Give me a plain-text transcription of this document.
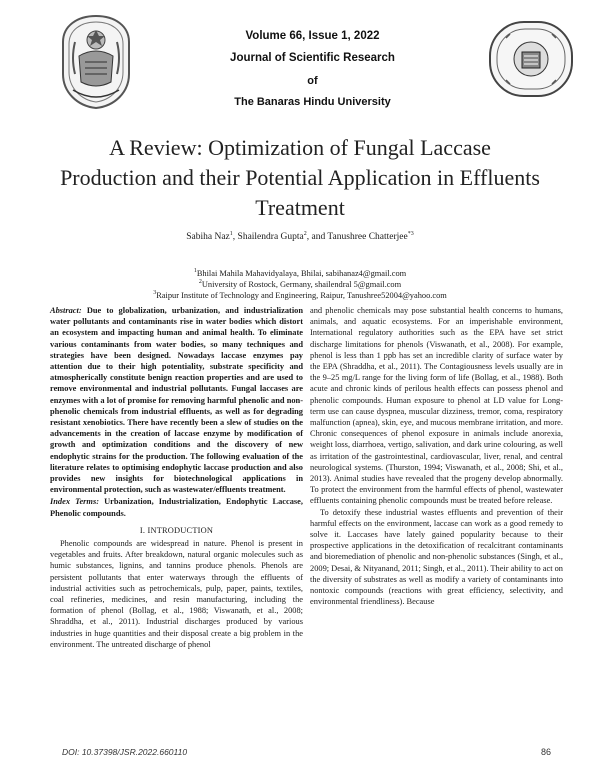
Volume 66, Issue 1, 2022
Journal of Scientific Research
of
The Banaras Hindu University
A Review: Optimization of Fungal Laccase Production and their Potential Application in Effluents Treatment
Sabiha Naz$^1$, Shailendra Gupta$^2$, and Tanushree Chatterjee$^{*3}$
$^1$Bhilai Mahila Mahavidyalaya, Bhilai, sabihanaz4@gmail.com
$^2$University of Rostock, Germany, shailendral 5@gmail.com
$^3$Raipur Institute of Technology and Engineering, Raipur, Tanushree52004@yahoo.com

Abstract: Due to globalization, urbanization, and industrialization water pollutants and contaminants rise in water bodies which distort an ecosystem and impacting human and animal health. To eliminate various contaminants from water bodies, so many techniques and strategies have been designed. Nowadays laccase enzymes pay attention due to their high potentiality, substrate specificity and atmospherically constitute benign reaction properties and are used to remove environmental and industrial pollutants. Fungal laccases are enzymes with a lot of promise for removing harmful phenolic and non-phenolic chemicals from industrial effluents, as well as for degrading resistant xenobiotics. There have recently been a slew of studies on the advancements in the creation of laccase enzyme by modification of growth and optimization conditions and the discovery of new endophytic strains for the production. The following evaluation of the literature relates to optimising endophytic laccase production and also provides new insights for biotechnological applications in environmental protection, such as wastewater/effluents treatment.

Index Terms: Urbanization, Industrialization, Endophytic Laccase, Phenolic compounds.

I. INTRODUCTION

Phenolic compounds are widespread in nature. Phenol is present in vegetables and fruits. After breakdown, natural organic molecules such as humic substances, lignins, and tannins produce phenols. Phenols are persistent pollutants that enter waterways through the effluents of industrial activities such as petrochemicals, pulp, paper, paints, textiles, coal refineries, medicines, and resin manufacturing, including the formation of phenol (Bollag, et al., 1988; Viswanath, et al., 2008; Shraddha, et al., 2011). Industrial discharges produced by various industries in huge quantities and their disposal create a big problem in the environment. The untreated discharge of phenol

and phenolic chemicals may pose substantial health concerns to humans, animals, and aquatic ecosystems. For an imperishable environment, International regulatory authorities such as the EPA have set strict discharge limitations for phenols (Viswanath, et al., 2008). For example, phenol is less than 1 ppb has set an incredible clarity of surface water by the EPA (Shraddha, et al., 2011). The Contagiousness levels usually are in the 9–25 mg/L range for the living form of life (Bollag, et al., 1988). Both acute and chronic kinds of perilous health effects can possess phenol and phenolic compounds. Human exposure to phenol at LD value for Long-term use can cause dyspnea, muscular dizziness, tremor, coma, respiratory malfunction (apnea), skin, eye, and mucous membrane irritation, and more. Chronic consequences of phenol exposure in animals include anorexia, weight loss, diarrhoea, vertigo, salivation, and dark urine colouring, as well as irritation of the gastrointestinal, cardiovascular, liver, renal, and central neurological systems. (Thurston, 1994; Viswanath, et al., 2008; Shi, et al., 2013). Animal studies have revealed that the progeny develop abnormally. To protect the environment from the harmful effects of phenol, wastewater effluents containing phenolic compounds must be treated before release.

To detoxify these industrial wastes effluents and prevention of their harmful effects on the environment, laccase can work as a good remedy to solve it. Laccases have lately gained popularity because to their prospective applications in the detoxification of recalcitrant contaminants and bioremediation of phenolic and non-phenolic substances (Singh, et al., 2009; Desai, & Nityanand, 2011; Singh, et al., 2011). Their ability to act on the diversity of substrates as well as modify a variety of contaminants into nontoxic compounds (reactions with great efficiency, selectivity, and environmental friendliness). Because

DOI: 10.37398/JSR.2022.660110	86
